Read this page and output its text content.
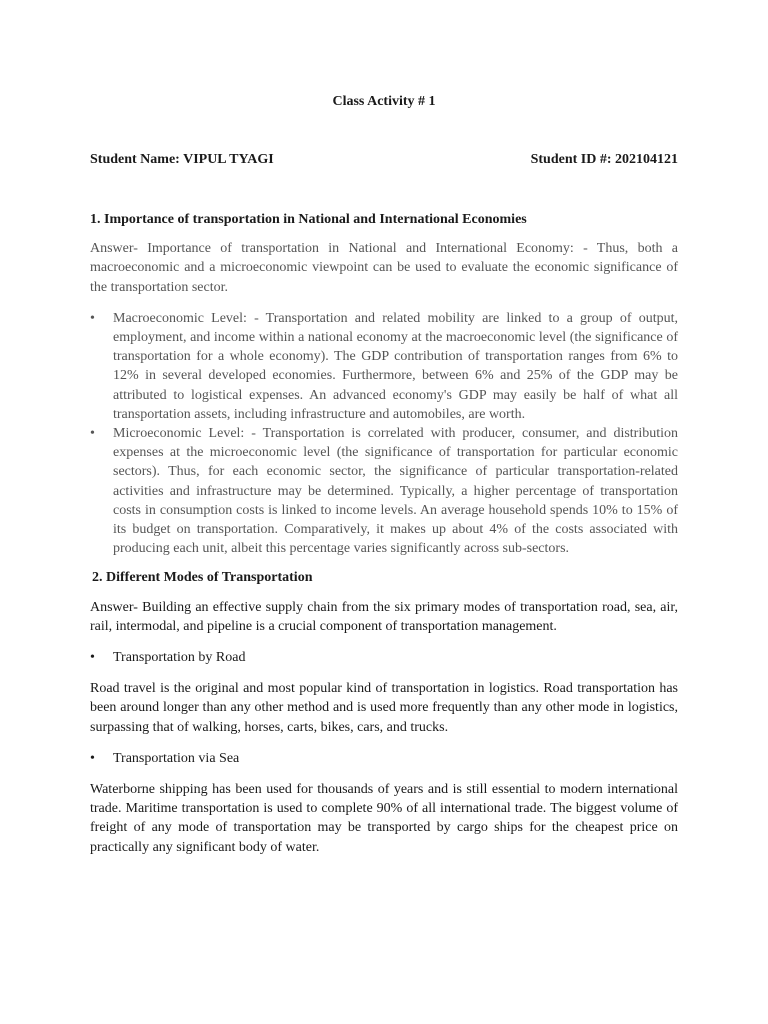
Class Activity # 1
Student Name: VIPUL TYAGI	Student ID #: 202104121
1. Importance of transportation in National and International Economies

Answer- Importance of transportation in National and International Economy: - Thus, both a macroeconomic and a microeconomic viewpoint can be used to evaluate the economic significance of the transportation sector.

• Macroeconomic Level: - Transportation and related mobility are linked to a group of output, employment, and income within a national economy at the macroeconomic level (the significance of transportation for a whole economy). The GDP contribution of transportation ranges from 6% to 12% in several developed economies. Furthermore, between 6% and 25% of the GDP may be attributed to logistical expenses. An advanced economy's GDP may easily be half of what all transportation assets, including infrastructure and automobiles, are worth.
• Microeconomic Level: - Transportation is correlated with producer, consumer, and distribution expenses at the microeconomic level (the significance of transportation for particular economic sectors). Thus, for each economic sector, the significance of particular transportation-related activities and infrastructure may be determined. Typically, a higher percentage of transportation costs in consumption costs is linked to income levels. An average household spends 10% to 15% of its budget on transportation. Comparatively, it makes up about 4% of the costs associated with producing each unit, albeit this percentage varies significantly across sub-sectors.
2. Different Modes of Transportation

Answer- Building an effective supply chain from the six primary modes of transportation road, sea, air, rail, intermodal, and pipeline is a crucial component of transportation management.

• Transportation by Road

Road travel is the original and most popular kind of transportation in logistics. Road transportation has been around longer than any other method and is used more frequently than any other mode in logistics, surpassing that of walking, horses, carts, bikes, cars, and trucks.

• Transportation via Sea

Waterborne shipping has been used for thousands of years and is still essential to modern international trade. Maritime transportation is used to complete 90% of all international trade. The biggest volume of freight of any mode of transportation may be transported by cargo ships for the cheapest price on practically any significant body of water.
